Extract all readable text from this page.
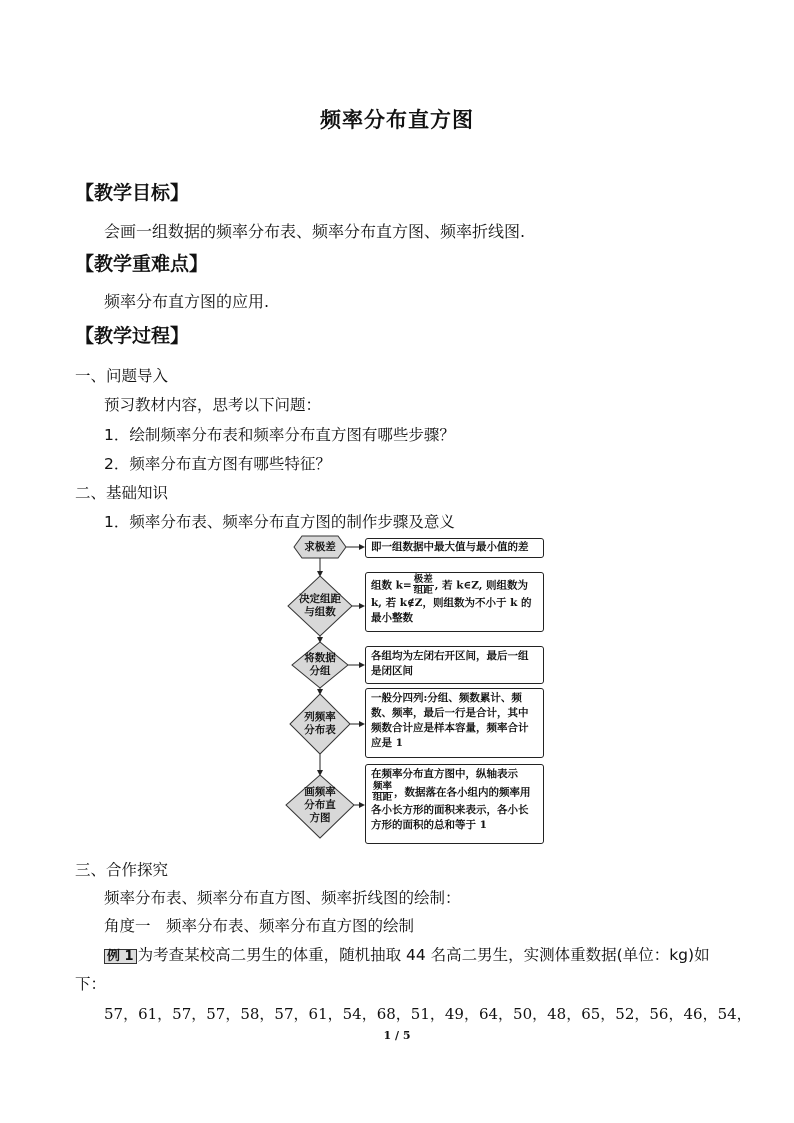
频率分布直方图
【教学目标】
会画一组数据的频率分布表、频率分布直方图、频率折线图.
【教学重难点】
频率分布直方图的应用.
【教学过程】
一、问题导入
预习教材内容，思考以下问题：
1．绘制频率分布表和频率分布直方图有哪些步骤？
2．频率分布直方图有哪些特征？
二、基础知识
1．频率分布表、频率分布直方图的制作步骤及意义
求极差
决定组距
与组数
将数据
分组
列频率
分布表
画频率
分布直
方图
即一组数据中最大值与最小值的差
组数 $k= \frac{\text{极差}}{\text{组距}}$ , 若 k∈Z, 则组数为 k, 若 k∉Z，则组数为不小于 k 的最小整数
各组均为左闭右开区间，最后一组是闭区间
一般分四列:分组、频数累计、频数、频率，最后一行是合计，其中频数合计应是样本容量，频率合计应是 1
在频率分布直方图中，纵轴表示
$\frac{\text{频率}}{\text{组距}}$ ，数据落在各小组内的频率用各小长方形的面积来表示，各小长方形的面积的总和等于 1
三、合作探究
频率分布表、频率分布直方图、频率折线图的绘制：
角度一　频率分布表、频率分布直方图的绘制
例 1 为考查某校高二男生的体重，随机抽取 44 名高二男生，实测体重数据(单位：kg)如
下：
57，61，57，57，58，57，61，54，68，51，49，64，50，48，65，52，56，46，54，
1 / 5
